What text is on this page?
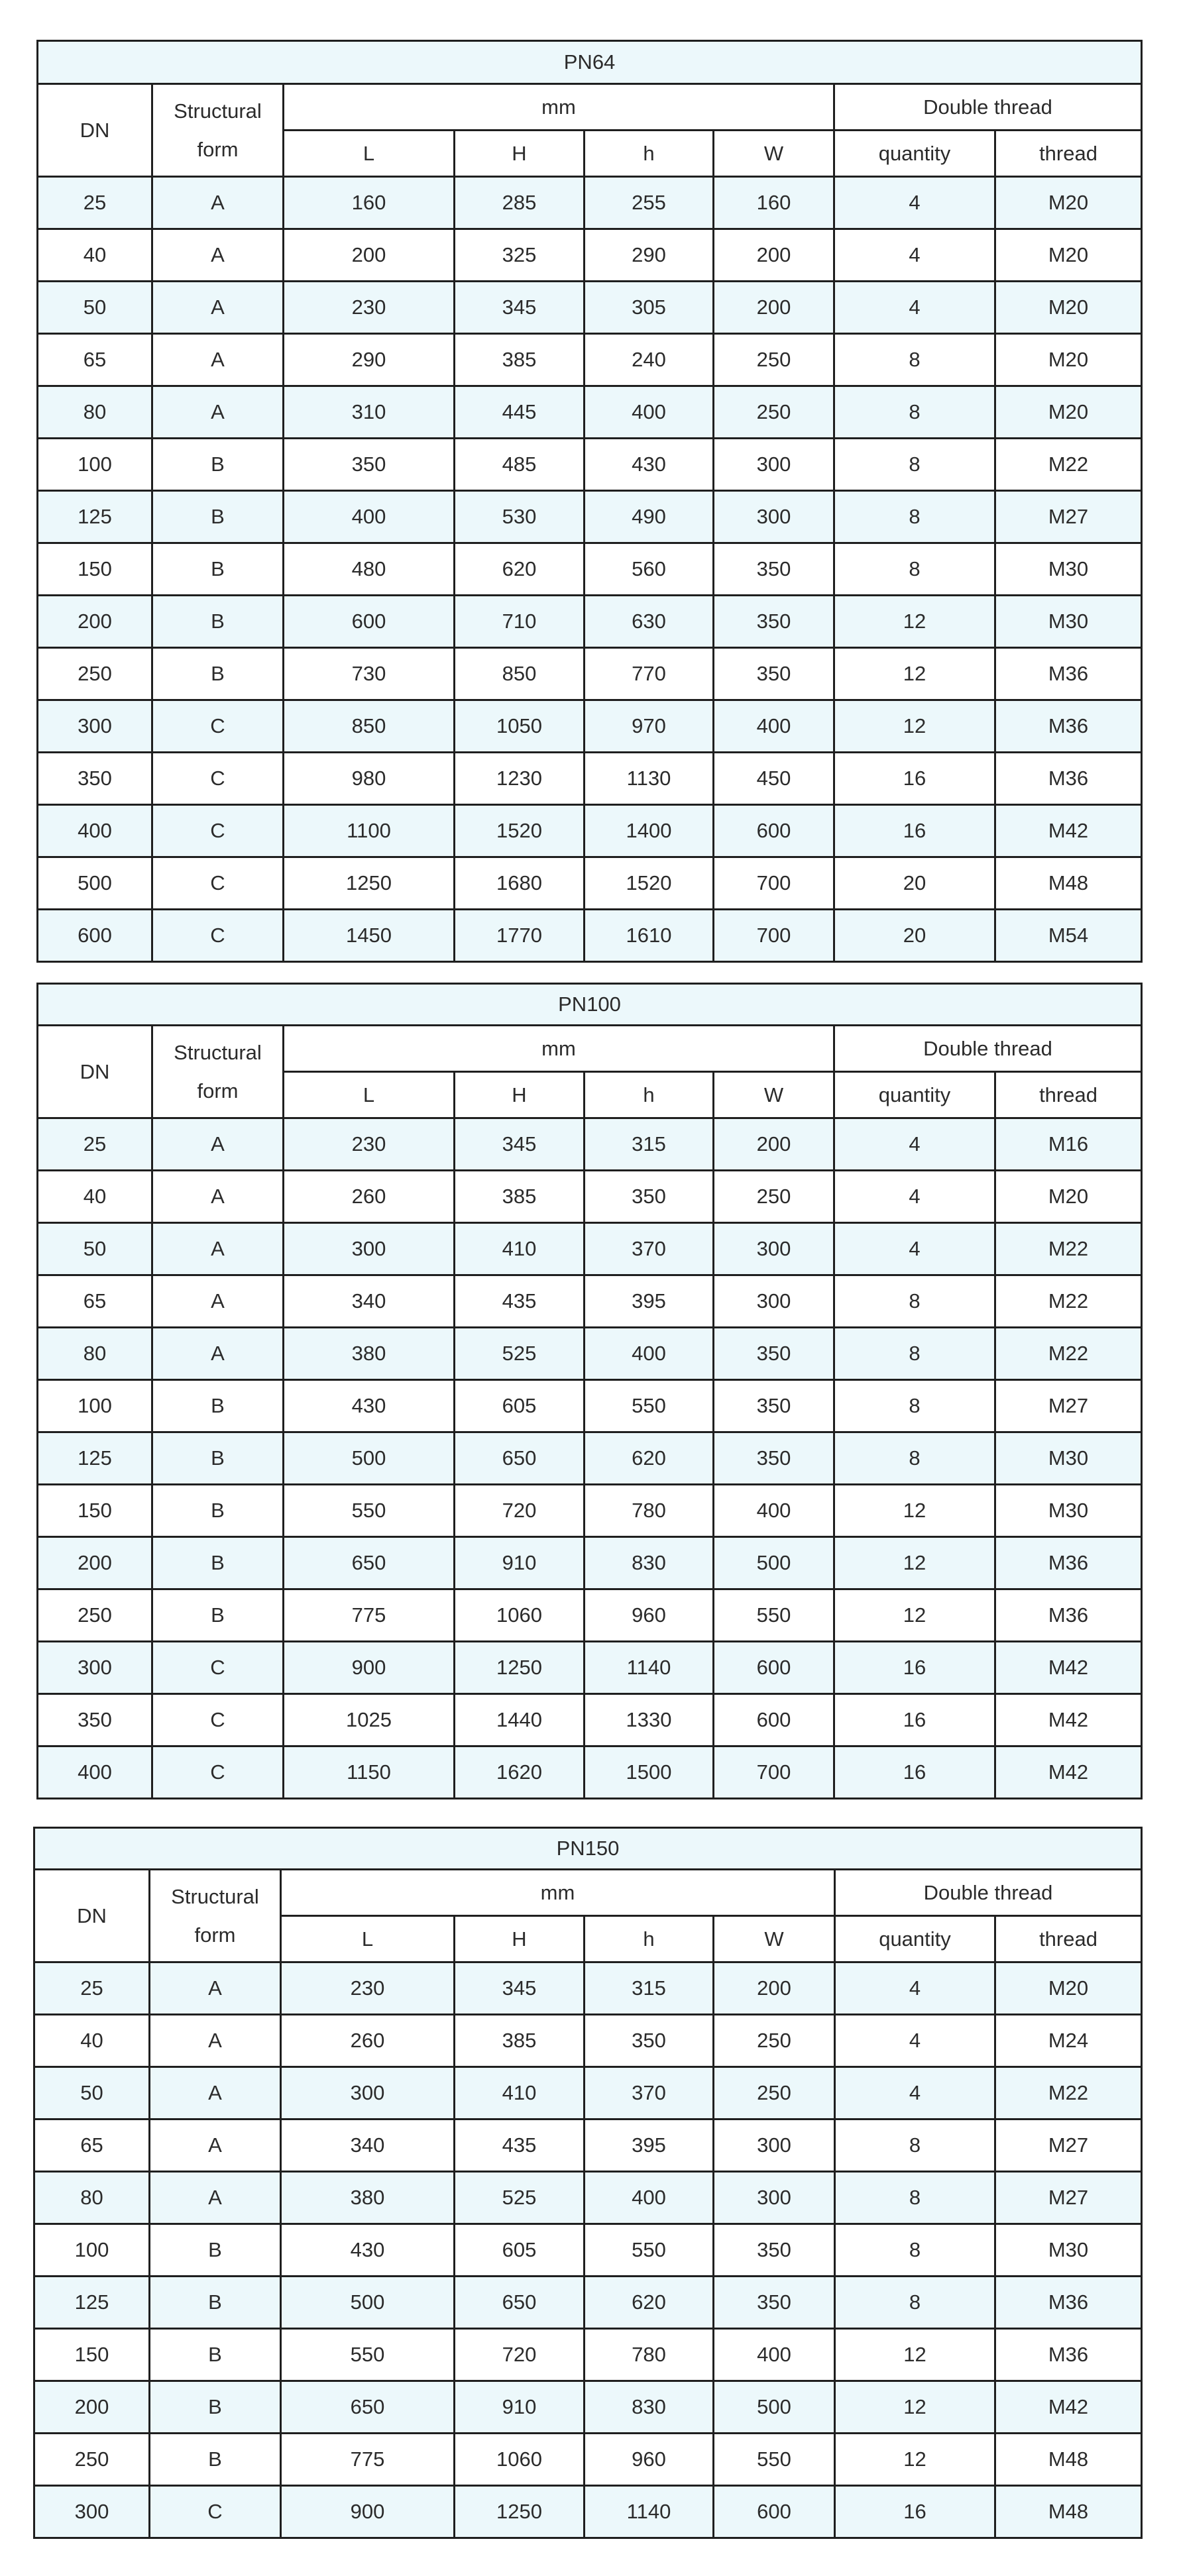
PN64							
DN	Structural form	mm				Double thread	
		L	H	h	W	quantity	thread
25	A	160	285	255	160	4	M20
40	A	200	325	290	200	4	M20
50	A	230	345	305	200	4	M20
65	A	290	385	240	250	8	M20
80	A	310	445	400	250	8	M20
100	B	350	485	430	300	8	M22
125	B	400	530	490	300	8	M27
150	B	480	620	560	350	8	M30
200	B	600	710	630	350	12	M30
250	B	730	850	770	350	12	M36
300	C	850	1050	970	400	12	M36
350	C	980	1230	1130	450	16	M36
400	C	1100	1520	1400	600	16	M42
500	C	1250	1680	1520	700	20	M48
600	C	1450	1770	1610	700	20	M54
PN100							
DN	Structural form	mm				Double thread	
		L	H	h	W	quantity	thread
25	A	230	345	315	200	4	M16
40	A	260	385	350	250	4	M20
50	A	300	410	370	300	4	M22
65	A	340	435	395	300	8	M22
80	A	380	525	400	350	8	M22
100	B	430	605	550	350	8	M27
125	B	500	650	620	350	8	M30
150	B	550	720	780	400	12	M30
200	B	650	910	830	500	12	M36
250	B	775	1060	960	550	12	M36
300	C	900	1250	1140	600	16	M42
350	C	1025	1440	1330	600	16	M42
400	C	1150	1620	1500	700	16	M42
PN150							
DN	Structural form	mm				Double thread	
		L	H	h	W	quantity	thread
25	A	230	345	315	200	4	M20
40	A	260	385	350	250	4	M24
50	A	300	410	370	250	4	M22
65	A	340	435	395	300	8	M27
80	A	380	525	400	300	8	M27
100	B	430	605	550	350	8	M30
125	B	500	650	620	350	8	M36
150	B	550	720	780	400	12	M36
200	B	650	910	830	500	12	M42
250	B	775	1060	960	550	12	M48
300	C	900	1250	1140	600	16	M48
